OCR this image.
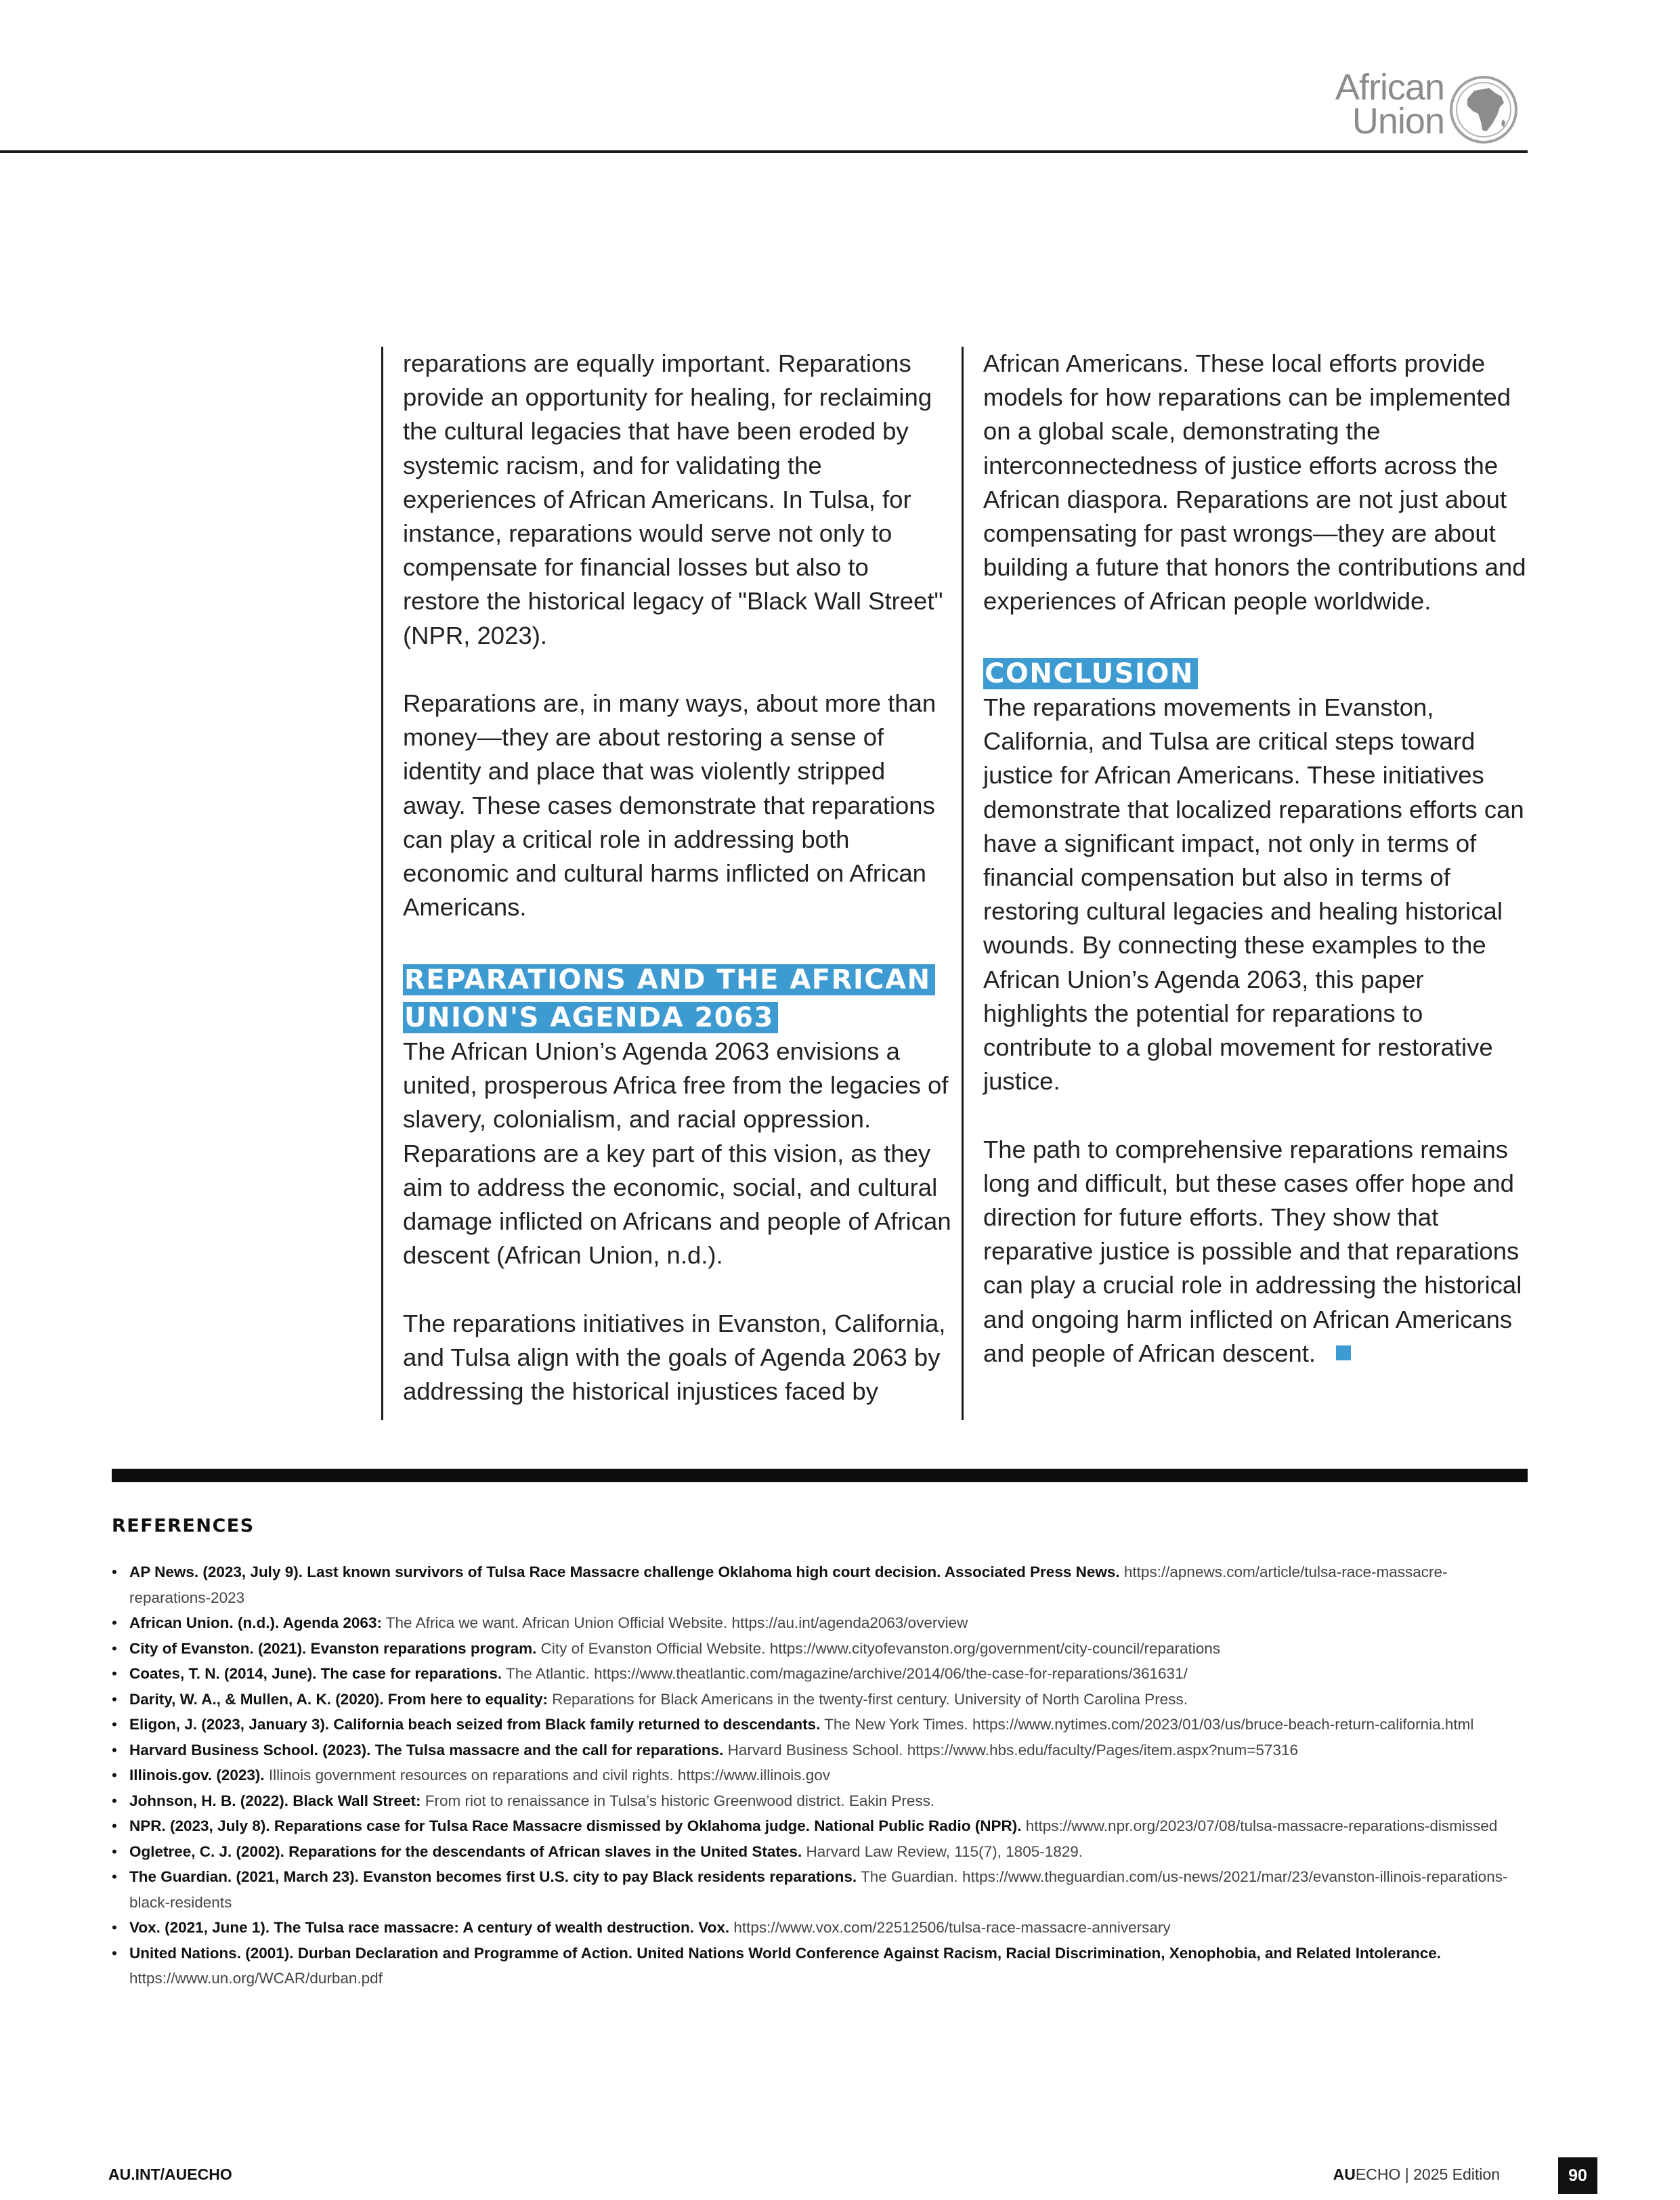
African
Union

reparations are equally important. Reparations provide an opportunity for healing, for reclaiming the cultural legacies that have been eroded by systemic racism, and for validating the experiences of African Americans. In Tulsa, for instance, reparations would serve not only to compensate for financial losses but also to restore the historical legacy of "Black Wall Street" (NPR, 2023).

Reparations are, in many ways, about more than money—they are about restoring a sense of identity and place that was violently stripped away. These cases demonstrate that reparations can play a critical role in addressing both economic and cultural harms inflicted on African Americans.

REPARATIONS AND THE AFRICAN UNION'S AGENDA 2063

The African Union’s Agenda 2063 envisions a united, prosperous Africa free from the legacies of slavery, colonialism, and racial oppression. Reparations are a key part of this vision, as they aim to address the economic, social, and cultural damage inflicted on Africans and people of African descent (African Union, n.d.).

The reparations initiatives in Evanston, California, and Tulsa align with the goals of Agenda 2063 by addressing the historical injustices faced by

African Americans. These local efforts provide models for how reparations can be implemented on a global scale, demonstrating the interconnectedness of justice efforts across the African diaspora. Reparations are not just about compensating for past wrongs—they are about building a future that honors the contributions and experiences of African people worldwide.

CONCLUSION

The reparations movements in Evanston, California, and Tulsa are critical steps toward justice for African Americans. These initiatives demonstrate that localized reparations efforts can have a significant impact, not only in terms of financial compensation but also in terms of restoring cultural legacies and healing historical wounds. By connecting these examples to the African Union’s Agenda 2063, this paper highlights the potential for reparations to contribute to a global movement for restorative justice.

The path to comprehensive reparations remains long and difficult, but these cases offer hope and direction for future efforts. They show that reparative justice is possible and that reparations can play a crucial role in addressing the historical and ongoing harm inflicted on African Americans and people of African descent.

REFERENCES
• AP News. (2023, July 9). Last known survivors of Tulsa Race Massacre challenge Oklahoma high court decision. Associated Press News. https://apnews.com/article/tulsa-race-massacre-reparations-2023
• African Union. (n.d.). Agenda 2063: The Africa we want. African Union Official Website. https://au.int/agenda2063/overview
• City of Evanston. (2021). Evanston reparations program. City of Evanston Official Website. https://www.cityofevanston.org/government/city-council/reparations
• Coates, T. N. (2014, June). The case for reparations. The Atlantic. https://www.theatlantic.com/magazine/archive/2014/06/the-case-for-reparations/361631/
• Darity, W. A., & Mullen, A. K. (2020). From here to equality: Reparations for Black Americans in the twenty-first century. University of North Carolina Press.
• Eligon, J. (2023, January 3). California beach seized from Black family returned to descendants. The New York Times. https://www.nytimes.com/2023/01/03/us/bruce-beach-return-california.html
• Harvard Business School. (2023). The Tulsa massacre and the call for reparations. Harvard Business School. https://www.hbs.edu/faculty/Pages/item.aspx?num=57316
• Illinois.gov. (2023). Illinois government resources on reparations and civil rights. https://www.illinois.gov
• Johnson, H. B. (2022). Black Wall Street: From riot to renaissance in Tulsa’s historic Greenwood district. Eakin Press.
• NPR. (2023, July 8). Reparations case for Tulsa Race Massacre dismissed by Oklahoma judge. National Public Radio (NPR). https://www.npr.org/2023/07/08/tulsa-massacre-reparations-dismissed
• Ogletree, C. J. (2002). Reparations for the descendants of African slaves in the United States. Harvard Law Review, 115(7), 1805-1829.
• The Guardian. (2021, March 23). Evanston becomes first U.S. city to pay Black residents reparations. The Guardian. https://www.theguardian.com/us-news/2021/mar/23/evanston-illinois-reparations-black-residents
• Vox. (2021, June 1). The Tulsa race massacre: A century of wealth destruction. Vox. https://www.vox.com/22512506/tulsa-race-massacre-anniversary
• United Nations. (2001). Durban Declaration and Programme of Action. United Nations World Conference Against Racism, Racial Discrimination, Xenophobia, and Related Intolerance. https://www.un.org/WCAR/durban.pdf
AU.INT/AUECHO	AUECHO | 2025 Edition	90
